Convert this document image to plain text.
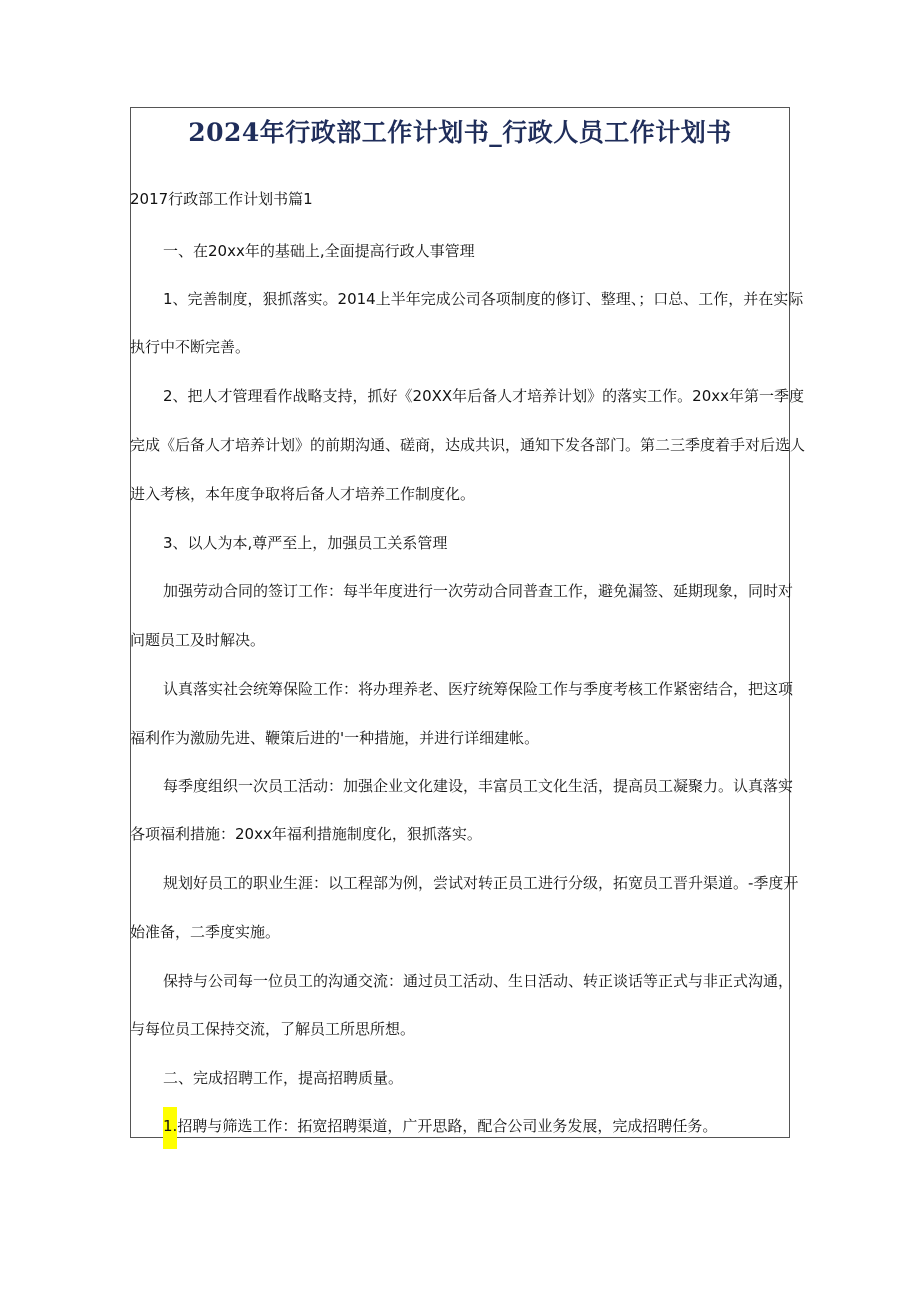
2024年行政部工作计划书_行政人员工作计划书

2017行政部工作计划书篇1

一、在20xx年的基础上,全面提高行政人事管理

1、完善制度，狠抓落实。2014上半年完成公司各项制度的修订、整理、；口总、工作，并在实际

执行中不断完善。

2、把人才管理看作战略支持，抓好《20XX年后备人才培养计划》的落实工作。20xx年第一季度

完成《后备人才培养计划》的前期沟通、磋商，达成共识，通知下发各部门。第二三季度着手对后选人

进入考核，本年度争取将后备人才培养工作制度化。

3、以人为本,尊严至上，加强员工关系管理

加强劳动合同的签订工作：每半年度进行一次劳动合同普查工作，避免漏签、延期现象，同时对

问题员工及时解决。

认真落实社会统筹保险工作：将办理养老、医疗统筹保险工作与季度考核工作紧密结合，把这项

福利作为激励先进、鞭策后进的'一种措施，并进行详细建帐。

每季度组织一次员工活动：加强企业文化建设，丰富员工文化生活，提高员工凝聚力。认真落实

各项福利措施：20xx年福利措施制度化，狠抓落实。

规划好员工的职业生涯：以工程部为例，尝试对转正员工进行分级，拓宽员工晋升渠道。-季度开

始准备，二季度实施。

保持与公司每一位员工的沟通交流：通过员工活动、生日活动、转正谈话等正式与非正式沟通，

与每位员工保持交流，了解员工所思所想。

二、完成招聘工作，提高招聘质量。

1.招聘与筛选工作：拓宽招聘渠道，广开思路，配合公司业务发展，完成招聘任务。
